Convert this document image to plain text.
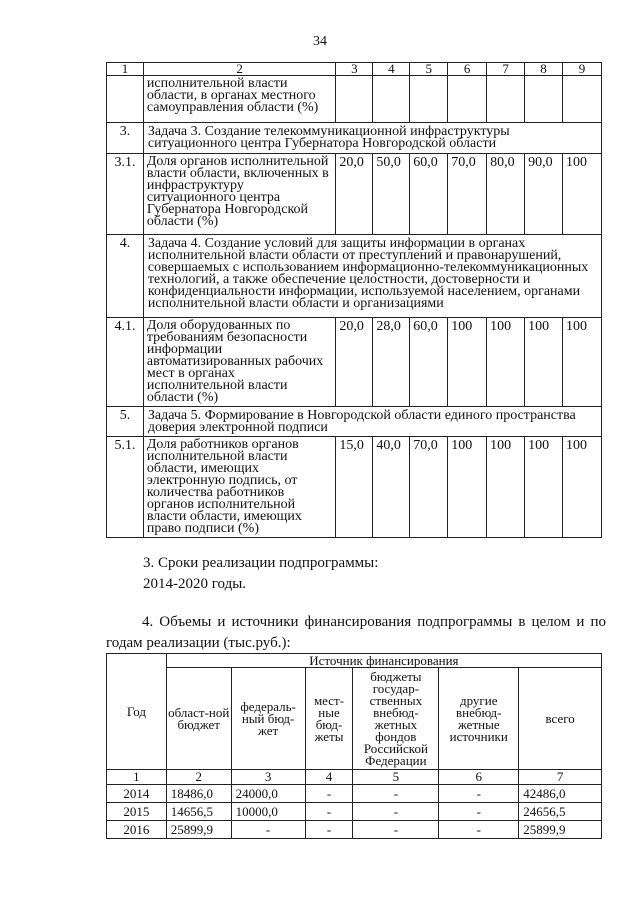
34
1	2	3	4	5	6	7	8	9
	исполнительной власти области, в органах местного самоуправления области (%)							
3.	Задача 3. Создание телекоммуникационной инфраструктуры ситуационного центра Губернатора Новгородской области							
3.1.	Доля органов исполнительной власти области, включенных в инфраструктуру ситуационного центра Губернатора Новгородской области (%)	20,0	50,0	60,0	70,0	80,0	90,0	100
4.	Задача 4. Создание условий для защиты информации в органах исполнительной власти области от преступлений и правонарушений, совершаемых с использованием информационно-телекоммуникационных технологий, а также обеспечение целостности, достоверности и конфиденциальности информации, используемой населением, органами исполнительной власти области и организациями							
4.1.	Доля оборудованных по требованиям безопасности информации автоматизированных рабочих мест в органах исполнительной власти области (%)	20,0	28,0	60,0	100	100	100	100
5.	Задача 5. Формирование в Новгородской области единого пространства доверия электронной подписи							
5.1.	Доля работников органов исполнительной власти области, имеющих электронную подпись, от количества работников органов исполнительной власти области, имеющих право подписи (%)	15,0	40,0	70,0	100	100	100	100
3. Сроки реализации подпрограммы:
2014-2020 годы.
4. Объемы и источники финансирования подпрограммы в целом и по годам реализации (тыс.руб.):
Год	Источник финансирования					
	област-ной бюджет	федераль-ный бюд-жет	мест-ные бюд-жеты	бюджеты государ-ственных внебюд-жетных фондов Российской Федерации	другие внебюд-жетные источники	всего
1	2	3	4	5	6	7
2014	18486,0	24000,0	-	-	-	42486,0
2015	14656,5	10000,0	-	-	-	24656,5
2016	25899,9	-	-	-	-	25899,9
